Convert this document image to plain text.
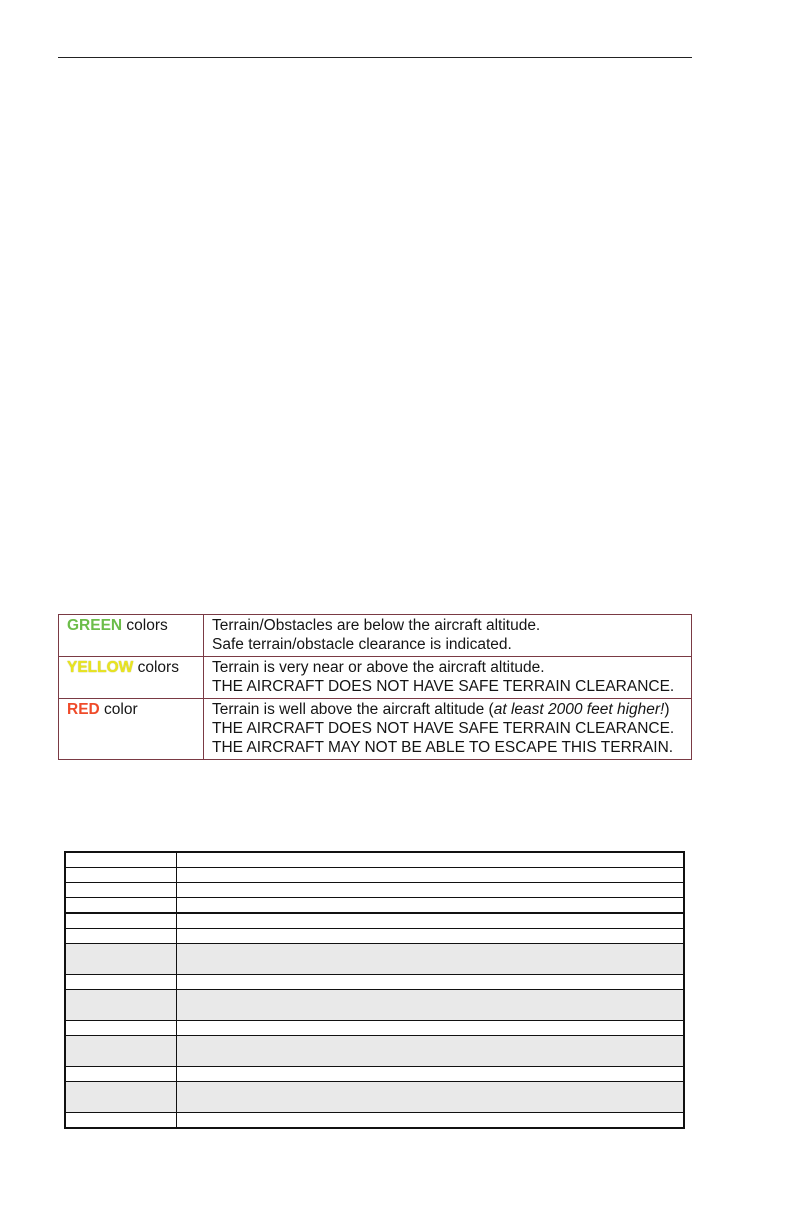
GREEN colors	Terrain/Obstacles are below the aircraft altitude.
Safe terrain/obstacle clearance is indicated.

YELLOW colors	Terrain is very near or above the aircraft altitude.
THE AIRCRAFT DOES NOT HAVE SAFE TERRAIN CLEARANCE.

RED color	Terrain is well above the aircraft altitude (at least 2000 feet higher!)
THE AIRCRAFT DOES NOT HAVE SAFE TERRAIN CLEARANCE.
THE AIRCRAFT MAY NOT BE ABLE TO ESCAPE THIS TERRAIN.
